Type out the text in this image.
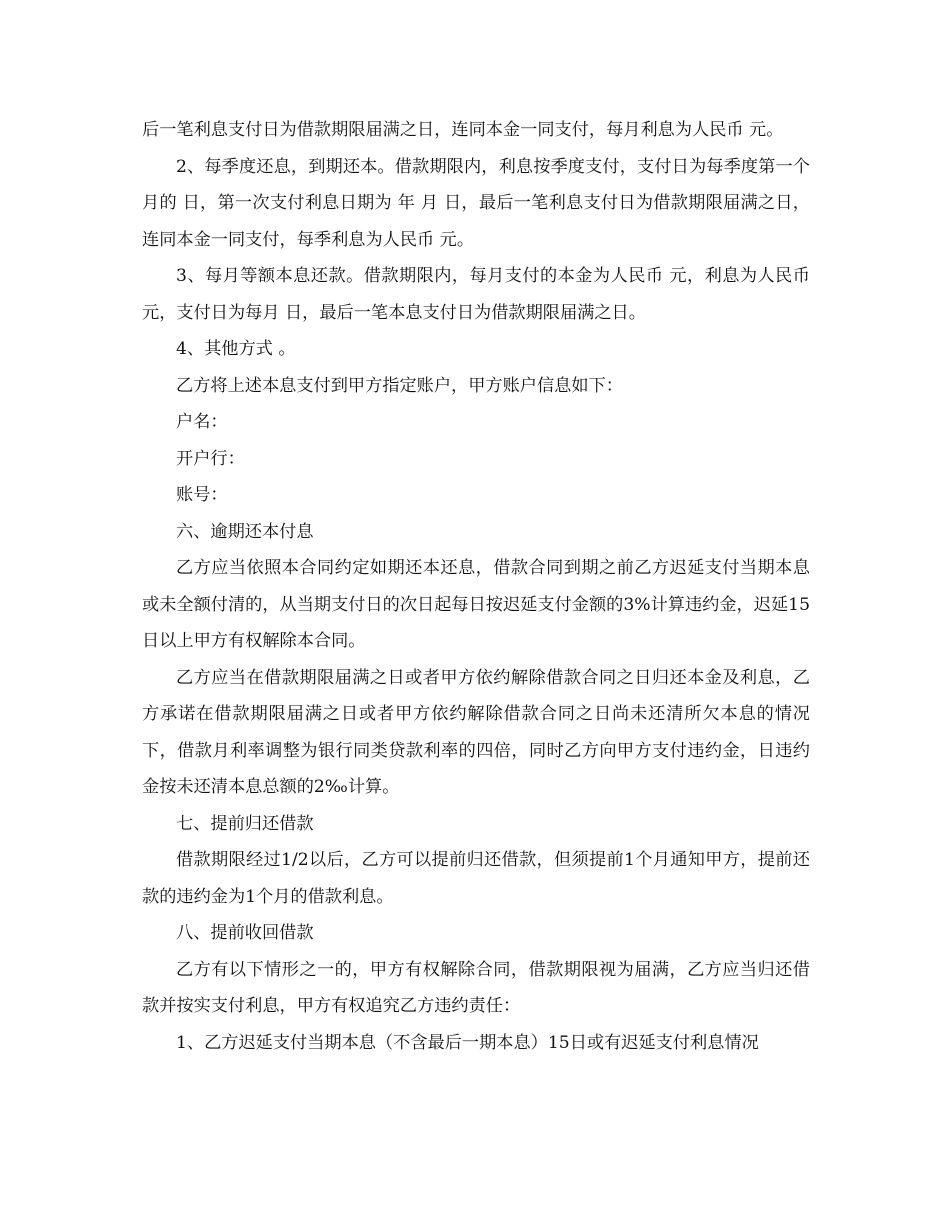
后一笔利息支付日为借款期限届满之日，连同本金一同支付，每月利息为人民币 元。

2、每季度还息，到期还本。借款期限内，利息按季度支付，支付日为每季度第一个月的 日，第一次支付利息日期为 年 月 日，最后一笔利息支付日为借款期限届满之日，连同本金一同支付，每季利息为人民币 元。

3、每月等额本息还款。借款期限内，每月支付的本金为人民币 元，利息为人民币 元，支付日为每月 日，最后一笔本息支付日为借款期限届满之日。

4、其他方式 。

乙方将上述本息支付到甲方指定账户，甲方账户信息如下：

户名：

开户行：

账号：

六、逾期还本付息

乙方应当依照本合同约定如期还本还息，借款合同到期之前乙方迟延支付当期本息或未全额付清的，从当期支付日的次日起每日按迟延支付金额的3%计算违约金，迟延15日以上甲方有权解除本合同。

乙方应当在借款期限届满之日或者甲方依约解除借款合同之日归还本金及利息，乙方承诺在借款期限届满之日或者甲方依约解除借款合同之日尚未还清所欠本息的情况下，借款月利率调整为银行同类贷款利率的四倍，同时乙方向甲方支付违约金，日违约金按未还清本息总额的2‰计算。

七、提前归还借款

借款期限经过1/2以后，乙方可以提前归还借款，但须提前1个月通知甲方，提前还款的违约金为1个月的借款利息。

八、提前收回借款

乙方有以下情形之一的，甲方有权解除合同，借款期限视为届满，乙方应当归还借款并按实支付利息，甲方有权追究乙方违约责任：

1、乙方迟延支付当期本息（不含最后一期本息）15日或有迟延支付利息情况
